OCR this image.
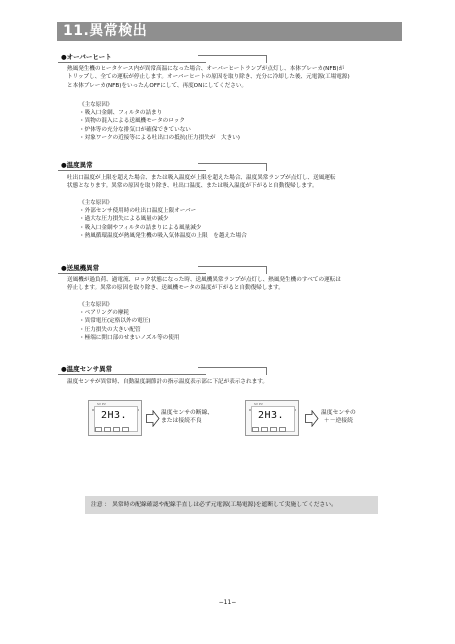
11.異常検出
●オーバーヒート
熱風発生機のヒータケース内が異常高温になった場合、オーバーヒートランプが点灯し、本体ブレーカ(NFB)が
トリップし、全ての運転が停止します。オーバーヒートの原因を取り除き、充分に冷却した後、元電源(工場電源)
と本体ブレーカ(NFB)をいったんOFFにして、再度ONにしてください。
《主な原因》
・吸入口金網、フィルタの詰まり
・異物の混入による送風機モータのロック
・炉体等の充分な排気口が確保できていない
・対象ワークの近接等による吐出口の抵抗(圧力損失が　大きい)
●温度異常
吐出口温度が上限を超えた場合、または吸入温度が上限を超えた場合、温度異常ランプが点灯し、送風運転
状態となります。異常の原因を取り除き、吐出口温度、または吸入温度が下がると自動復帰します。
《主な原因》
・外部センサ使用時の吐出口温度上限オーバー
・過大な圧力損失による風量の減少
・吸入口金網やフィルタの詰まりによる風量減少
・熱風循環温度が熱風発生機の吸入気体温度の上限　を越えた場合
●送風機異常
送風機が過負荷、過電流、ロック状態になった時、送風機異常ランプが点灯し、熱風発生機のすべての運転は
停止します。異常の原因を取り除き、送風機モータの温度が下がると自動復帰します。
《主な原因》
・ベアリングの摩耗
・異常電圧(定格以外の電圧)
・圧力損失の大きい配管
・極端に開口部のせまいノズル等の使用
●温度センサ異常
温度センサが異常時、自動温度調節計の指示温度表示部に下記が表示されます。
SV PV
2H3.	温度センサの断線、
または接続不良
SV PV
2H3.	温度センサの
＋－逆接続
注意 ： 異常時の配線確認や配線手直しは必ず元電源(工場電源)を遮断して実施してください。
−11−
